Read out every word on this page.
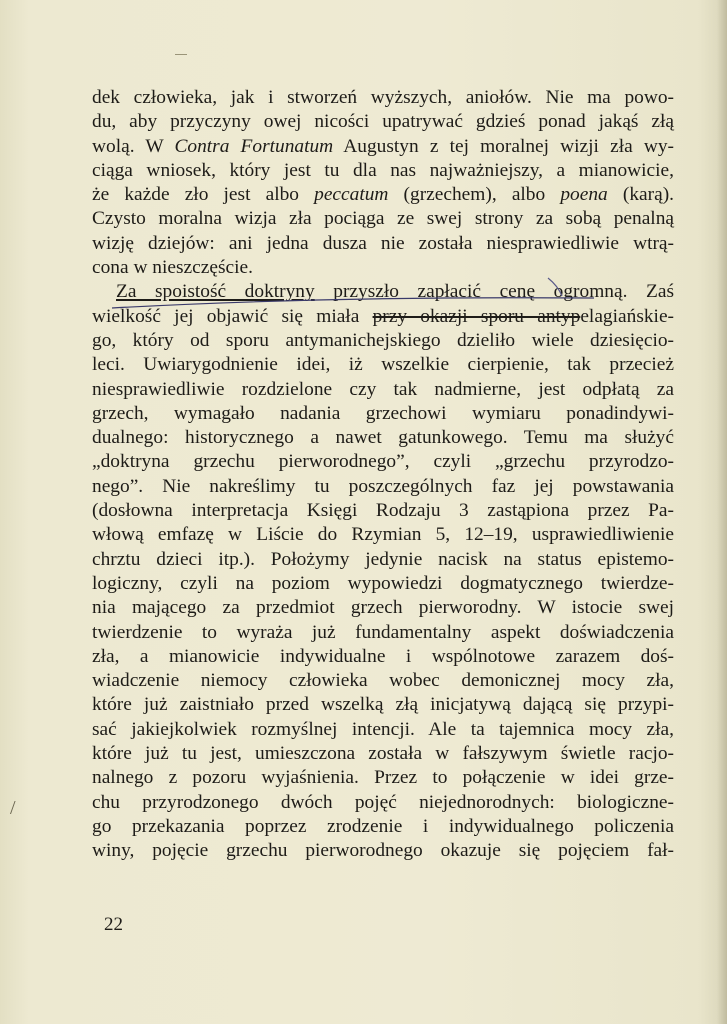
dek człowieka, jak i stworzeń wyższych, aniołów. Nie ma powo-
du, aby przyczyny owej nicości upatrywać gdzieś ponad jakąś złą
wolą. W Contra Fortunatum Augustyn z tej moralnej wizji zła wy-
ciąga wniosek, który jest tu dla nas najważniejszy, a mianowicie,
że każde zło jest albo peccatum (grzechem), albo poena (karą).
Czysto moralna wizja zła pociąga ze swej strony za sobą penalną
wizję dziejów: ani jedna dusza nie została niesprawiedliwie wtrą-
cona w nieszczęście.
Za spoistość doktryny przyszło zapłacić cenę ogromną. Zaś
wielkość jej objawić się miała przy okazji sporu antypelagiańskie-
go, który od sporu antymanichejskiego dzieliło wiele dziesięcio-
leci. Uwiarygodnienie idei, iż wszelkie cierpienie, tak przecież
niesprawiedliwie rozdzielone czy tak nadmierne, jest odpłatą za
grzech, wymagało nadania grzechowi wymiaru ponadindywi-
dualnego: historycznego a nawet gatunkowego. Temu ma służyć
„doktryna grzechu pierworodnego”, czyli „grzechu przyrodzo-
nego”. Nie nakreślimy tu poszczególnych faz jej powstawania
(dosłowna interpretacja Księgi Rodzaju 3 zastąpiona przez Pa-
włową emfazę w Liście do Rzymian 5, 12–19, usprawiedliwienie
chrztu dzieci itp.). Położymy jedynie nacisk na status epistemo-
logiczny, czyli na poziom wypowiedzi dogmatycznego twierdze-
nia mającego za przedmiot grzech pierworodny. W istocie swej
twierdzenie to wyraża już fundamentalny aspekt doświadczenia
zła, a mianowicie indywidualne i wspólnotowe zarazem doś-
wiadczenie niemocy człowieka wobec demonicznej mocy zła,
które już zaistniało przed wszelką złą inicjatywą dającą się przypi-
sać jakiejkolwiek rozmyślnej intencji. Ale ta tajemnica mocy zła,
które już tu jest, umieszczona została w fałszywym świetle racjo-
nalnego z pozoru wyjaśnienia. Przez to połączenie w idei grze-
chu przyrodzonego dwóch pojęć niejednorodnych: biologiczne-
go przekazania poprzez zrodzenie i indywidualnego policzenia
winy, pojęcie grzechu pierworodnego okazuje się pojęciem fał-
22
/
